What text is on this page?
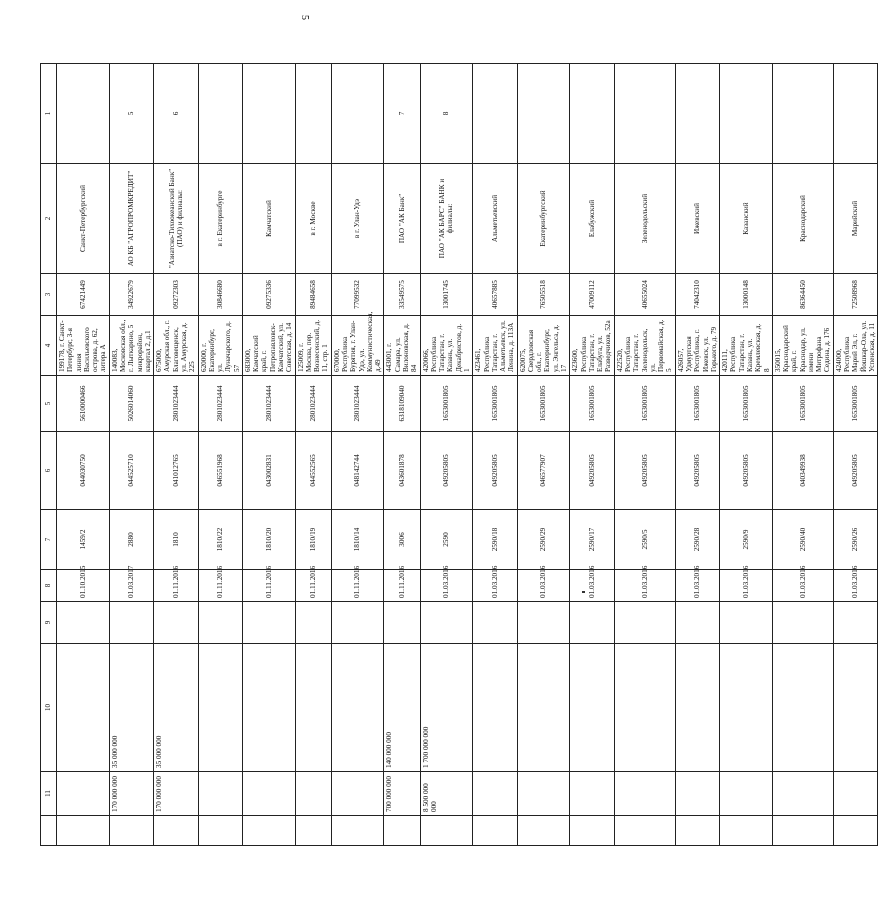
5
	11	10	9	8	7	6	5	4	3	2	1
				01.10.2015	1459/2	044030750	5610000466	199178, г. Санкт-Петербург, 3-я линия Васильевского острова, д. 62, литера А	67421449	Санкт-Петербургский	
	170 000 000	35 000 000		01.03.2017	2880	044525710	5026014060	140083, Московская обл., г. Лыткарино, 5 микрорайон, квартал 2, д.1	34922679	АО КБ "АГРОПРОМКРЕДИТ"	5
	170 000 000	35 000 000		01.11.2016	1810	041012765	2801023444	675000, Амурская обл., г. Благовещенск, ул. Амурская, д. 225	09272303	"Азиатско-Тихоокеанский Банк" (ПАО) и филиалы:	6
				01.11.2016	1810/22	046551968	2801023444	620000, г. Екатеринбург, ул. Луначарского, д. 57	30846680	в г. Екатеринбурге	
				01.11.2016	1810/20	043002831	2801023444	683000, Камчатский край, г. Петропавловск-Камчатский, ул. Советская, д. 14	09275336	Камчатский	
				01.11.2016	1810/19	044552565	2801023444	125009, г. Москва, пер. Вознесенский, д. 11, стр. 1	89484658	в г. Москве	
				01.11.2016	1810/14	048142744	2801023444	670000, Республика Бурятия, г. Улан-Удэ, ул. Коммунистическая, д.49	77099532	в г. Улан-Удэ	
	700 000 000	140 000 000		01.11.2016	3006	043601878	6318109040	443001, г. Самара, ул. Вилоновская, д. 84	33549575	ПАО "АК Банк"	7
	8 500 000 000	1 700 000 000		01.03.2016	2590	049205805	1653001805	420066, Республика Татарстан, г. Казань, ул. Декабристов, д. 1	13001745	ПАО "АК БАРС" БАНК и филиалы:	8
				01.03.2016	2590/18	049205805	1653001805	423461, Республика Татарстан, г. Альметьевск, ул. Ленина, д. 113А	40657885	Альметьевский	
				01.03.2016	2590/29	046577907	1653001805	620075, Свердловская обл., г. Екатеринбург, ул. Энгельса, д. 17	76505518	Екатеринбургский	
				01.03.2016	2590/17	049205805	1653001805	423600, Республика Татарстан, г. Елабуга, ул. Разведчиков, 52а	47009112	Елабужский	
				01.03.2016	2590/5	049205805	1653001805	422520, Республика Татарстан, г. Зеленодольск, ул. Первомайская, д. 5	40655024	Зеленодольский	
				01.03.2016	2590/28	049205805	1653001805	426057, Удмуртская Республика, г. Ижевск, ул. Горького, д. 79	74042310	Ижевский	
				01.03.2016	2590/9	049205805	1653001805	420111, Республика Татарстан, г. Казань, ул. Кремлевская, д. 8	13000148	Казанский	
				01.03.2016	2590/40	040349938	1653001805	350015, Краснодарский край, г. Краснодар, ул. имени Митрофана Седина, д. 176	86364450	Краснодарский	
				01.03.2016	2590/26	049205805	1653001805	424000, Республика Марий Эл, г. Йошкар-Ола, ул. Успенская, д. 11	72508968	Марийский	
